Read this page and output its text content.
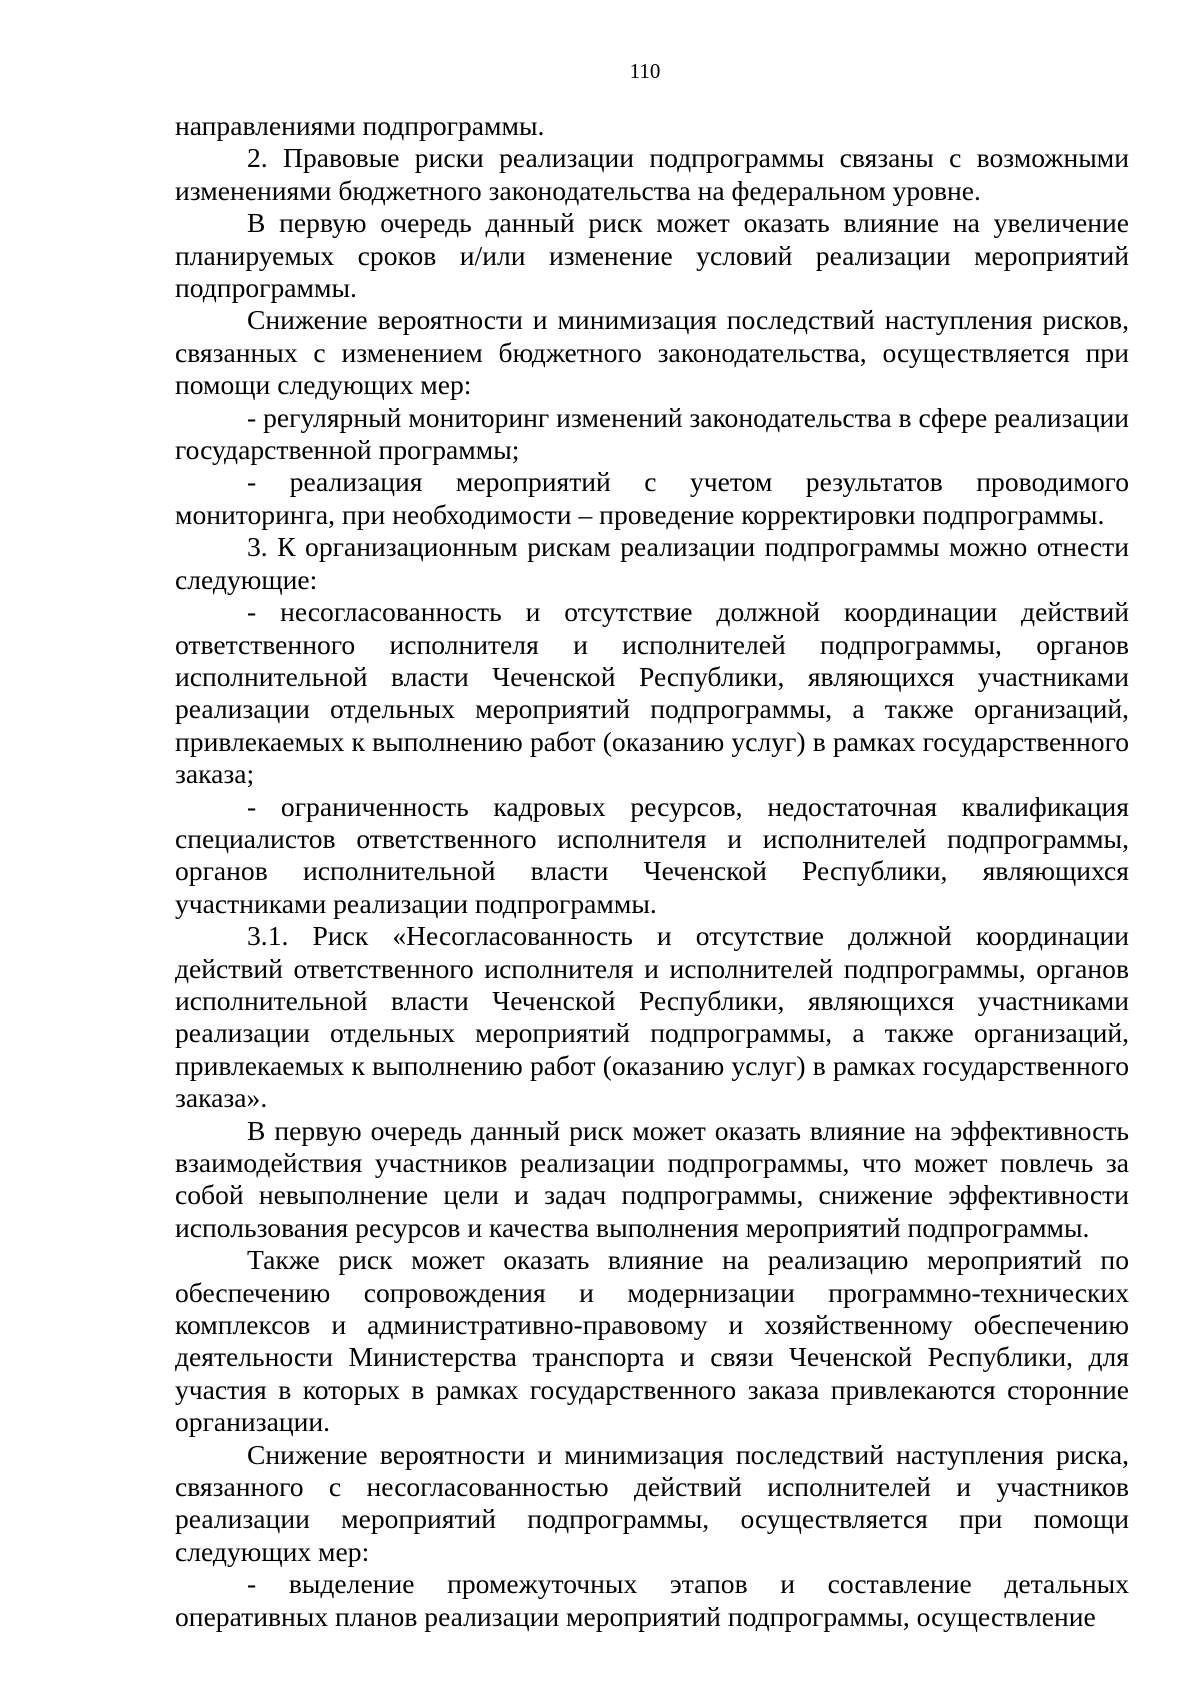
110

направлениями подпрограммы.

2. Правовые риски реализации подпрограммы связаны с возможными изменениями бюджетного законодательства на федеральном уровне.

В первую очередь данный риск может оказать влияние на увеличение планируемых сроков и/или изменение условий реализации мероприятий подпрограммы.

Снижение вероятности и минимизация последствий наступления рисков, связанных с изменением бюджетного законодательства, осуществляется при помощи следующих мер:

- регулярный мониторинг изменений законодательства в сфере реализации государственной программы;

- реализация мероприятий с учетом результатов проводимого мониторинга, при необходимости – проведение корректировки подпрограммы.

3. К организационным рискам реализации подпрограммы можно отнести следующие:

- несогласованность и отсутствие должной координации действий ответственного исполнителя и исполнителей подпрограммы, органов исполнительной власти Чеченской Республики, являющихся участниками реализации отдельных мероприятий подпрограммы, а также организаций, привлекаемых к выполнению работ (оказанию услуг) в рамках государственного заказа;

- ограниченность кадровых ресурсов, недостаточная квалификация специалистов ответственного исполнителя и исполнителей подпрограммы, органов исполнительной власти Чеченской Республики, являющихся участниками реализации подпрограммы.

3.1. Риск «Несогласованность и отсутствие должной координации действий ответственного исполнителя и исполнителей подпрограммы, органов исполнительной власти Чеченской Республики, являющихся участниками реализации отдельных мероприятий подпрограммы, а также организаций, привлекаемых к выполнению работ (оказанию услуг) в рамках государственного заказа».

В первую очередь данный риск может оказать влияние на эффективность взаимодействия участников реализации подпрограммы, что может повлечь за собой невыполнение цели и задач подпрограммы, снижение эффективности использования ресурсов и качества выполнения мероприятий подпрограммы.

Также риск может оказать влияние на реализацию мероприятий по обеспечению сопровождения и модернизации программно-технических комплексов и административно-правовому и хозяйственному обеспечению деятельности Министерства транспорта и связи Чеченской Республики, для участия в которых в рамках государственного заказа привлекаются сторонние организации.

Снижение вероятности и минимизация последствий наступления риска, связанного с несогласованностью действий исполнителей и участников реализации мероприятий подпрограммы, осуществляется при помощи следующих мер:

- выделение промежуточных этапов и составление детальных оперативных планов реализации мероприятий подпрограммы, осуществление
